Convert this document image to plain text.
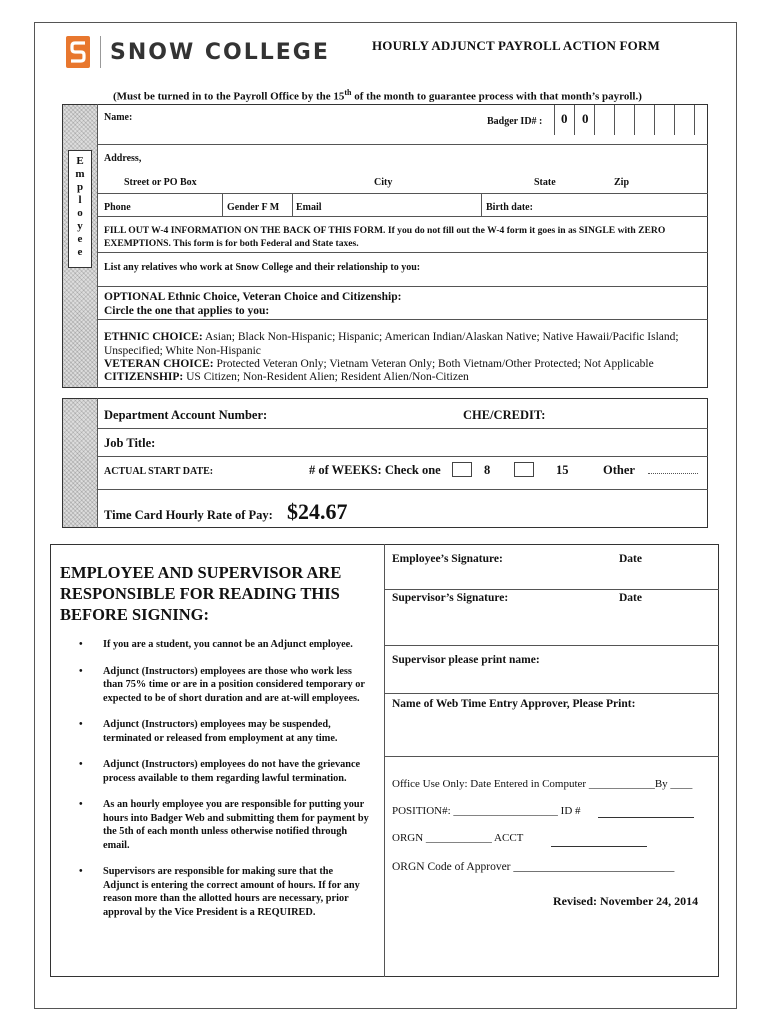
SNOW COLLEGE	HOURLY ADJUNCT PAYROLL ACTION FORM
(Must be turned in to the Payroll Office by the 15th of the month to guarantee process with that month’s payroll.)
E
m
p
l
o
y
e
e
Name:	Badger ID# : 0 0
Address,
Street or PO Box	City	State	Zip
Phone	Gender F M Email	Birth date:
FILL OUT W-4 INFORMATION ON THE BACK OF THIS FORM. If you do not fill out the W-4 form it goes in as SINGLE with ZERO
EXEMPTIONS. This form is for both Federal and State taxes.
List any relatives who work at Snow College and their relationship to you:
OPTIONAL Ethnic Choice, Veteran Choice and Citizenship:
Circle the one that applies to you:
ETHNIC CHOICE: Asian; Black Non-Hispanic; Hispanic; American Indian/Alaskan Native; Native Hawaii/Pacific Island;
Unspecified; White Non-Hispanic
VETERAN CHOICE: Protected Veteran Only; Vietnam Veteran Only; Both Vietnam/Other Protected; Not Applicable
CITIZENSHIP: US Citizen; Non-Resident Alien; Resident Alien/Non-Citizen
Department Account Number:	CHE/CREDIT:
Job Title:
ACTUAL START DATE:	# of WEEKS: Check one	8	15	Other
Time Card Hourly Rate of Pay: $24.67
EMPLOYEE AND SUPERVISOR ARE RESPONSIBLE FOR READING THIS BEFORE SIGNING:
• If you are a student, you cannot be an Adjunct employee.
• Adjunct (Instructors) employees are those who work less than 75% time or are in a position considered temporary or expected to be of short duration and are at-will employees.
• Adjunct (Instructors) employees may be suspended, terminated or released from employment at any time.
• Adjunct (Instructors) employees do not have the grievance process available to them regarding lawful termination.
• As an hourly employee you are responsible for putting your hours into Badger Web and submitting them for payment by the 5th of each month unless otherwise notified through email.
• Supervisors are responsible for making sure that the Adjunct is entering the correct amount of hours. If for any reason more than the allotted hours are necessary, prior approval by the Vice President is a REQUIRED.
Employee’s Signature:	Date
Supervisor’s Signature:	Date
Supervisor please print name:
Name of Web Time Entry Approver, Please Print:
Office Use Only: Date Entered in Computer ____________By ____
POSITION#: ___________________ ID #
ORGN ____________ ACCT
ORGN Code of Approver ____________________________
Revised: November 24, 2014
